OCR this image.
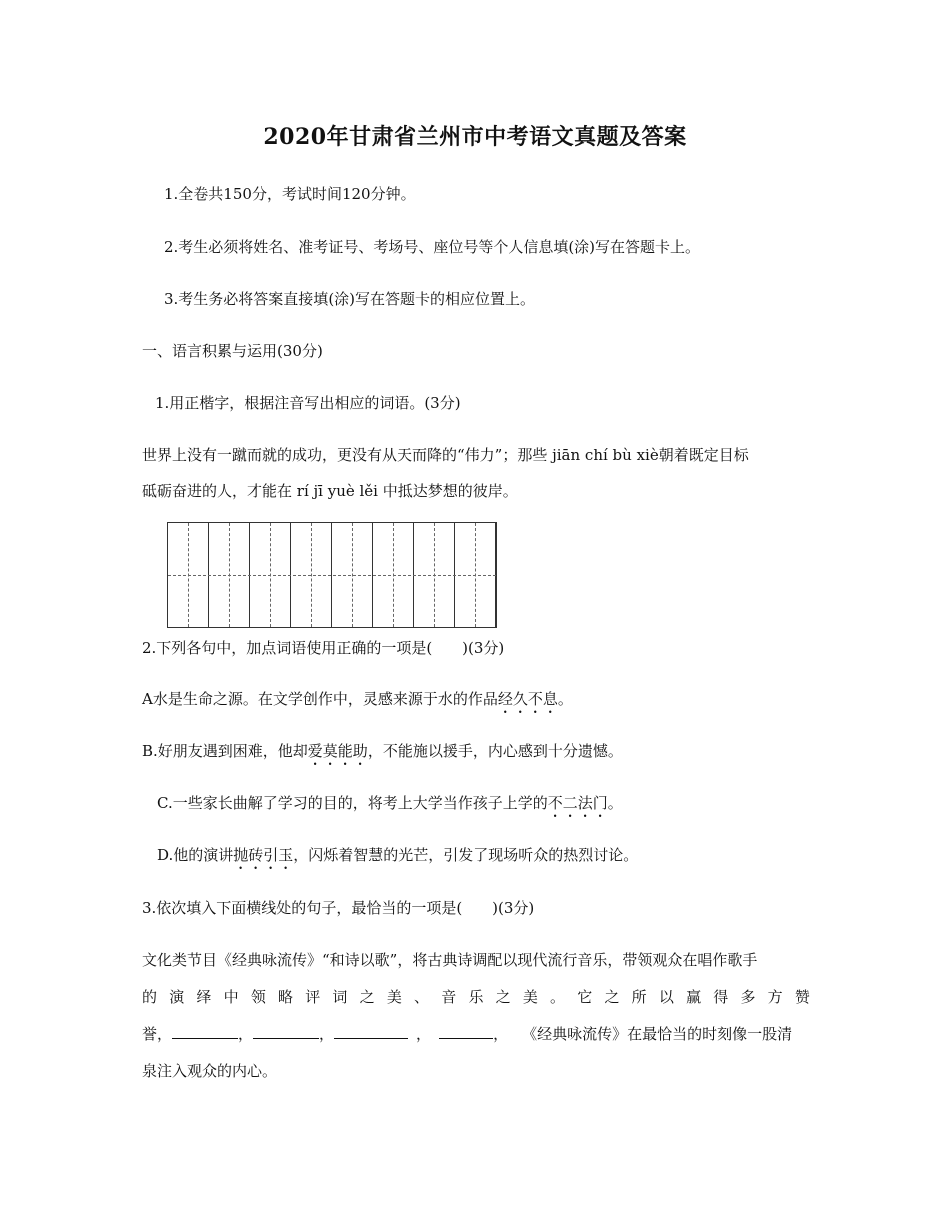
2020年甘肃省兰州市中考语文真题及答案
1.全卷共150分，考试时间120分钟。
2.考生必须将姓名、准考证号、考场号、座位号等个人信息填(涂)写在答题卡上。
3.考生务必将答案直接填(涂)写在答题卡的相应位置上。
一、语言积累与运用(30分)
1.用正楷字，根据注音写出相应的词语。(3分)
世界上没有一蹴而就的成功，更没有从天而降的“伟力”；那些 jiān chí bù xiè朝着既定目标
砥砺奋进的人，才能在 rí jī yuè lěi 中抵达梦想的彼岸。
2.下列各句中，加点词语使用正确的一项是(　　)(3分)
A水是生命之源。在文学创作中，灵感来源于水的作品经久不息。
B.好朋友遇到困难，他却爱莫能助，不能施以援手，内心感到十分遗憾。
C.一些家长曲解了学习的目的，将考上大学当作孩子上学的不二法门。
D.他的演讲抛砖引玉，闪烁着智慧的光芒，引发了现场听众的热烈讨论。
3.依次填入下面横线处的句子，最恰当的一项是(　　)(3分)
文化类节目《经典咏流传》“和诗以歌”，将古典诗调配以现代流行音乐，带领观众在唱作歌手
的 演 绎 中 领 略 评 词 之 美 、 音 乐 之 美 。 它 之 所 以 赢 得 多 方 赞
誉，	，	，	，	， 《经典咏流传》在最恰当的时刻像一股清
泉注入观众的内心。
